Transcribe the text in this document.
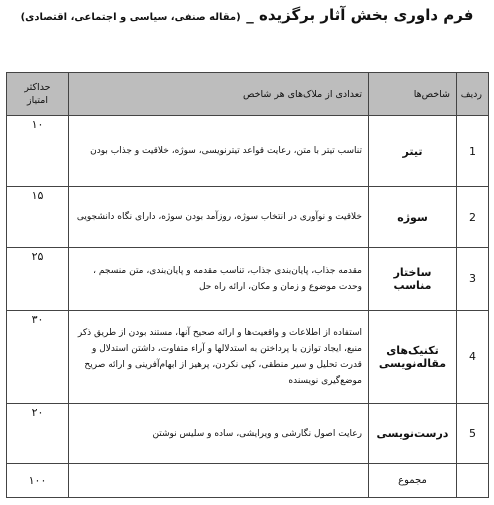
فرم داوری بخش آثار برگزیده _ (مقاله صنفی، سیاسی و اجتماعی، اقتصادی)
ردیف	شاخص‌ها	تعدادی از ملاک‌های هر شاخص	حداکثر امتیاز
1	تیتر	تناسب تیتر با متن، رعایت قواعد تیترنویسی، سوژه، خلاقیت و جذاب بودن	۱۰
2	سوژه	خلاقیت و نوآوری در انتخاب سوژه، روزآمد بودن سوژه، دارای نگاه دانشجویی	۱۵
3	ساختار مناسب	مقدمه جذاب، پایان‌بندی جذاب، تناسب مقدمه و پایان‌بندی، متن منسجم ، وحدت موضوع و زمان و مکان، ارائه راه حل	۲۵
4	تکنیک‌های مقاله‌نویسی	استفاده از اطلاعات و واقعیت‌ها و ارائه صحیح آنها، مستند بودن از طریق ذکر منبع، ایجاد توازن با پرداختن به استدلالها و آراء متفاوت، داشتن استدلال و قدرت تحلیل و سیر منطقی، کپی نکردن، پرهیز از ابهام‌آفرینی و ارائه صریح موضع‌گیری نویسنده	۳۰
5	درست‌نویسی	رعایت اصول نگارشی و ویرایشی، ساده و سلیس نوشتن	۲۰
	مجموع		۱۰۰
